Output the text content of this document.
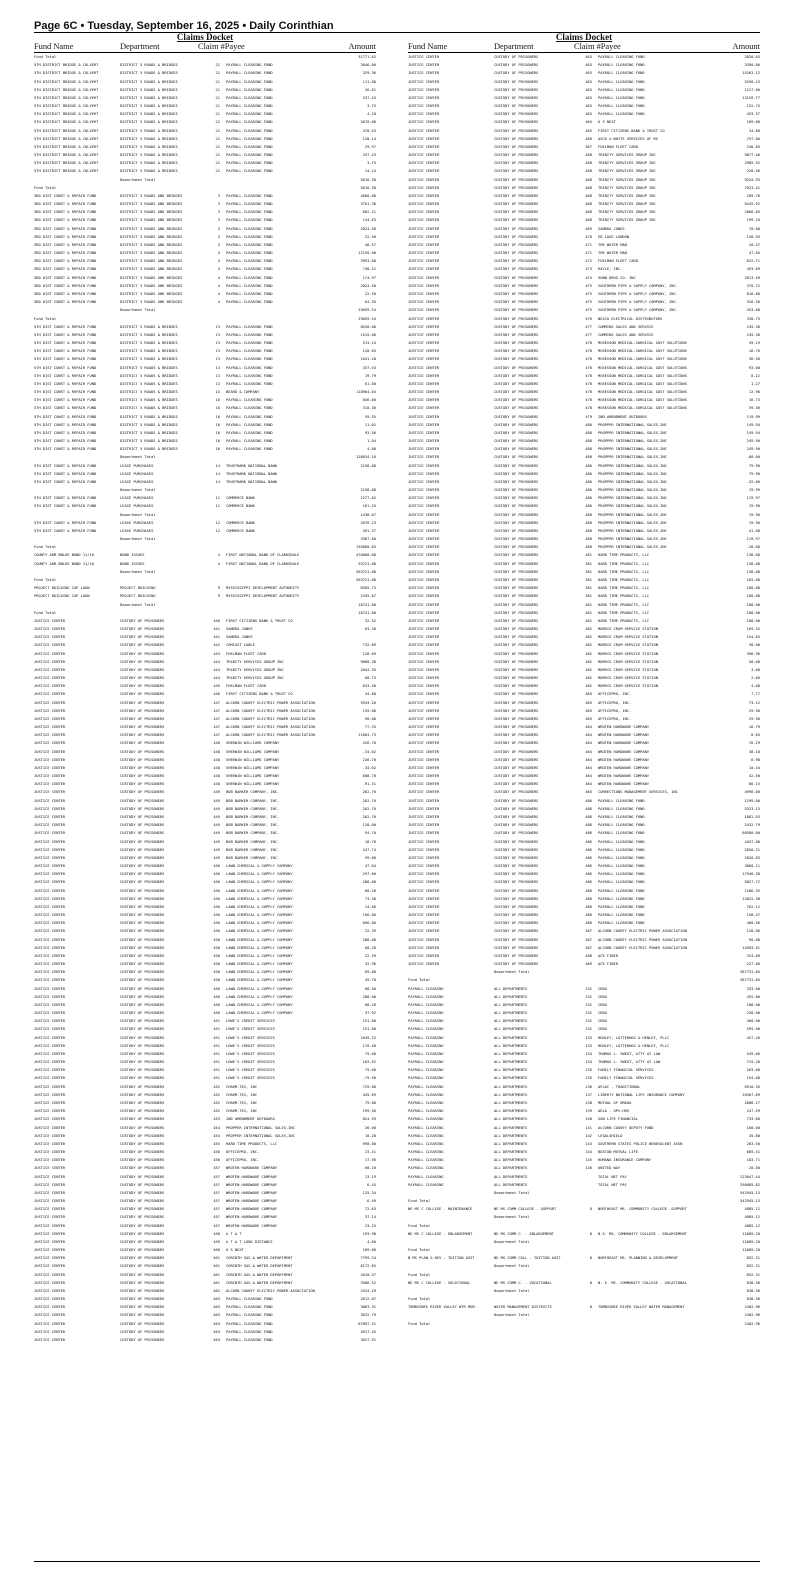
Page 6C • Tuesday, September 16, 2025 • Daily Corinthian
Claims Docket
Fund Name	Department	Claim # Payee	Amount
Fund Total	31771.62
5TH DISTRICT BRIDGE & CULVERT	DISTRICT 5 ROADS & BRIDGES	21	PAYROLL CLEARING FUND	3846.00
5TH DISTRICT BRIDGE & CULVERT	DISTRICT 5 ROADS & BRIDGES	21	PAYROLL CLEARING FUND	329.36
5TH DISTRICT BRIDGE & CULVERT	DISTRICT 5 ROADS & BRIDGES	21	PAYROLL CLEARING FUND	111.08
5TH DISTRICT BRIDGE & CULVERT	DISTRICT 5 ROADS & BRIDGES	21	PAYROLL CLEARING FUND	26.61
5TH DISTRICT BRIDGE & CULVERT	DISTRICT 5 ROADS & BRIDGES	21	PAYROLL CLEARING FUND	337.43
5TH DISTRICT BRIDGE & CULVERT	DISTRICT 5 ROADS & BRIDGES	21	PAYROLL CLEARING FUND	3.75
5TH DISTRICT BRIDGE & CULVERT	DISTRICT 5 ROADS & BRIDGES	21	PAYROLL CLEARING FUND	4.18
5TH DISTRICT BRIDGE & CULVERT	DISTRICT 5 ROADS & BRIDGES	22	PAYROLL CLEARING FUND	2070.00
5TH DISTRICT BRIDGE & CULVERT	DISTRICT 5 ROADS & BRIDGES	22	PAYROLL CLEARING FUND	378.53
5TH DISTRICT BRIDGE & CULVERT	DISTRICT 5 ROADS & BRIDGES	22	PAYROLL CLEARING FUND	128.14
5TH DISTRICT BRIDGE & CULVERT	DISTRICT 5 ROADS & BRIDGES	22	PAYROLL CLEARING FUND	29.97
5TH DISTRICT BRIDGE & CULVERT	DISTRICT 5 ROADS & BRIDGES	22	PAYROLL CLEARING FUND	337.43
5TH DISTRICT BRIDGE & CULVERT	DISTRICT 5 ROADS & BRIDGES	22	PAYROLL CLEARING FUND	3.75
5TH DISTRICT BRIDGE & CULVERT	DISTRICT 5 ROADS & BRIDGES	22	PAYROLL CLEARING FUND	14.24
Department Total	5610.38
Fund Total	5610.38
3RD DIST CONST & REPAIR FUND	DISTRICT 3 ROADS AND BRIDGES	3	PAYROLL CLEARING FUND	4600.00
3RD DIST CONST & REPAIR FUND	DISTRICT 3 ROADS AND BRIDGES	3	PAYROLL CLEARING FUND	3761.36
3RD DIST CONST & REPAIR FUND	DISTRICT 3 ROADS AND BRIDGES	3	PAYROLL CLEARING FUND	602.21
3RD DIST CONST & REPAIR FUND	DISTRICT 3 ROADS AND BRIDGES	3	PAYROLL CLEARING FUND	144.63
3RD DIST CONST & REPAIR FUND	DISTRICT 3 ROADS AND BRIDGES	3	PAYROLL CLEARING FUND	2024.58
3RD DIST CONST & REPAIR FUND	DISTRICT 3 ROADS AND BRIDGES	3	PAYROLL CLEARING FUND	22.50
3RD DIST CONST & REPAIR FUND	DISTRICT 3 ROADS AND BRIDGES	3	PAYROLL CLEARING FUND	48.57
3RD DIST CONST & REPAIR FUND	DISTRICT 3 ROADS AND BRIDGES	4	PAYROLL CLEARING FUND	12195.00
3RD DIST CONST & REPAIR FUND	DISTRICT 3 ROADS AND BRIDGES	4	PAYROLL CLEARING FUND	3993.08
3RD DIST CONST & REPAIR FUND	DISTRICT 3 ROADS AND BRIDGES	4	PAYROLL CLEARING FUND	748.21
3RD DIST CONST & REPAIR FUND	DISTRICT 3 ROADS AND BRIDGES	4	PAYROLL CLEARING FUND	174.97
3RD DIST CONST & REPAIR FUND	DISTRICT 3 ROADS AND BRIDGES	4	PAYROLL CLEARING FUND	2024.58
3RD DIST CONST & REPAIR FUND	DISTRICT 3 ROADS AND BRIDGES	4	PAYROLL CLEARING FUND	22.50
3RD DIST CONST & REPAIR FUND	DISTRICT 3 ROADS AND BRIDGES	4	PAYROLL CLEARING FUND	64.35
Department Total	23659.54
Fund Total	23659.54
5TH DIST CONST & REPAIR FUND	DISTRICT 5 ROADS & BRIDGES	13	PAYROLL CLEARING FUND	8528.00
5TH DIST CONST & REPAIR FUND	DISTRICT 5 ROADS & BRIDGES	13	PAYROLL CLEARING FUND	1515.00
5TH DIST CONST & REPAIR FUND	DISTRICT 5 ROADS & BRIDGES	13	PAYROLL CLEARING FUND	513.24
5TH DIST CONST & REPAIR FUND	DISTRICT 5 ROADS & BRIDGES	13	PAYROLL CLEARING FUND	120.03
5TH DIST CONST & REPAIR FUND	DISTRICT 5 ROADS & BRIDGES	13	PAYROLL CLEARING FUND	1041.28
5TH DIST CONST & REPAIR FUND	DISTRICT 5 ROADS & BRIDGES	13	PAYROLL CLEARING FUND	337.43
5TH DIST CONST & REPAIR FUND	DISTRICT 5 ROADS & BRIDGES	13	PAYROLL CLEARING FUND	19.79
5TH DIST CONST & REPAIR FUND	DISTRICT 5 ROADS & BRIDGES	13	PAYROLL CLEARING FUND	61.00
5TH DIST CONST & REPAIR FUND	DISTRICT 5 ROADS & BRIDGES	15	BEARD & COMPANY	118964.04
5TH DIST CONST & REPAIR FUND	DISTRICT 5 ROADS & BRIDGES	16	PAYROLL CLEARING FUND	846.00
5TH DIST CONST & REPAIR FUND	DISTRICT 5 ROADS & BRIDGES	16	PAYROLL CLEARING FUND	310.36
5TH DIST CONST & REPAIR FUND	DISTRICT 5 ROADS & BRIDGES	16	PAYROLL CLEARING FUND	59.55
5TH DIST CONST & REPAIR FUND	DISTRICT 5 ROADS & BRIDGES	16	PAYROLL CLEARING FUND	11.02
5TH DIST CONST & REPAIR FUND	DISTRICT 5 ROADS & BRIDGES	16	PAYROLL CLEARING FUND	93.56
5TH DIST CONST & REPAIR FUND	DISTRICT 5 ROADS & BRIDGES	16	PAYROLL CLEARING FUND	1.04
5TH DIST CONST & REPAIR FUND	DISTRICT 5 ROADS & BRIDGES	16	PAYROLL CLEARING FUND	4.08
Department Total	128634.16
5TH DIST CONST & REPAIR FUND	LEASE PURCHASES	14	TRUSTMARK NATIONAL BANK	2158.08
5TH DIST CONST & REPAIR FUND	LEASE PURCHASES	14	TRUSTMARK NATIONAL BANK
5TH DIST CONST & REPAIR FUND	LEASE PURCHASES	14	TRUSTMARK NATIONAL BANK
Department Total	2158.08
5TH DIST CONST & REPAIR FUND	LEASE PURCHASES	11	COMMERCE BANK	1277.02
5TH DIST CONST & REPAIR FUND	LEASE PURCHASES	11	COMMERCE BANK	161.25
Department Total	1438.07
5TH DIST CONST & REPAIR FUND	LEASE PURCHASES	12	COMMERCE BANK	2876.23
5TH DIST CONST & REPAIR FUND	LEASE PURCHASES	12	COMMERCE BANK	491.37
Department Total	3367.60
Fund Total	135600.65
COUNTY ADM BNLDS BOND 11/16	BOND ISSUES	4	FIRST NATIONAL BANK OF CLARKSDALE	470000.00
COUNTY ADM BNLDS BOND 11/16	BOND ISSUES	4	FIRST NATIONAL BANK OF CLARKSDALE	93721.08
Department Total	563721.08
Fund Total	563721.08
PROJECT BUILDING CAP LOAN	PROJECT BUILDING	9	MISSISSIPPI DEVELOPMENT AUTHORITY	8305.73
PROJECT BUILDING CAP LOAN	PROJECT BUILDING	9	MISSISSIPPI DEVELOPMENT AUTHORITY	2435.87
Department Total	10741.60
Fund Total	10741.60
JUSTICE CENTER	CUSTODY OF PRISONERS	440	FIRST CITIZENS BANK & TRUST CO	32.52
JUSTICE CENTER	CUSTODY OF PRISONERS	441	SANDRA JONES	63.36
JUSTICE CENTER	CUSTODY OF PRISONERS	441	SANDRA JONES
JUSTICE CENTER	CUSTODY OF PRISONERS	442	COMCAST CABLE	732.09
JUSTICE CENTER	CUSTODY OF PRISONERS	443	FUELMAN FLEET CARD	128.69
JUSTICE CENTER	CUSTODY OF PRISONERS	444	TRINITY SERVICES GROUP INC	9068.38
JUSTICE CENTER	CUSTODY OF PRISONERS	444	TRINITY SERVICES GROUP INC	2044.35
JUSTICE CENTER	CUSTODY OF PRISONERS	444	TRINITY SERVICES GROUP INC	68.75
JUSTICE CENTER	CUSTODY OF PRISONERS	445	FUELMAN FLEET CARD	633.40
JUSTICE CENTER	CUSTODY OF PRISONERS	446	FIRST CITIZENS BANK & TRUST CO	34.80
JUSTICE CENTER	CUSTODY OF PRISONERS	447	ALCORN COUNTY ELECTRIC POWER ASSOCIATION	5943.20
JUSTICE CENTER	CUSTODY OF PRISONERS	447	ALCORN COUNTY ELECTRIC POWER ASSOCIATION	139.08
JUSTICE CENTER	CUSTODY OF PRISONERS	447	ALCORN COUNTY ELECTRIC POWER ASSOCIATION	90.00
JUSTICE CENTER	CUSTODY OF PRISONERS	447	ALCORN COUNTY ELECTRIC POWER ASSOCIATION	77.33
JUSTICE CENTER	CUSTODY OF PRISONERS	447	ALCORN COUNTY ELECTRIC POWER ASSOCIATION	11003.73
JUSTICE CENTER	CUSTODY OF PRISONERS	448	SHERWIN WILLIAMS COMPANY	226.70
JUSTICE CENTER	CUSTODY OF PRISONERS	448	SHERWIN WILLIAMS COMPANY	-34.02
JUSTICE CENTER	CUSTODY OF PRISONERS	448	SHERWIN WILLIAMS COMPANY	226.70
JUSTICE CENTER	CUSTODY OF PRISONERS	448	SHERWIN WILLIAMS COMPANY	-34.02
JUSTICE CENTER	CUSTODY OF PRISONERS	448	SHERWIN WILLIAMS COMPANY	608.78
JUSTICE CENTER	CUSTODY OF PRISONERS	448	SHERWIN WILLIAMS COMPANY	-91.31
JUSTICE CENTER	CUSTODY OF PRISONERS	449	BOB BARKER COMPANY, INC.	262.70
JUSTICE CENTER	CUSTODY OF PRISONERS	449	BOB BARKER COMPANY, INC.	262.70
JUSTICE CENTER	CUSTODY OF PRISONERS	449	BOB BARKER COMPANY, INC.	262.70
JUSTICE CENTER	CUSTODY OF PRISONERS	449	BOB BARKER COMPANY, INC.	262.70
JUSTICE CENTER	CUSTODY OF PRISONERS	449	BOB BARKER COMPANY, INC.	128.00
JUSTICE CENTER	CUSTODY OF PRISONERS	449	BOB BARKER COMPANY, INC.	94.70
JUSTICE CENTER	CUSTODY OF PRISONERS	449	BOB BARKER COMPANY, INC.	18.70
JUSTICE CENTER	CUSTODY OF PRISONERS	449	BOB BARKER COMPANY, INC.	247.74
JUSTICE CENTER	CUSTODY OF PRISONERS	449	BOB BARKER COMPANY, INC.	59.00
JUSTICE CENTER	CUSTODY OF PRISONERS	450	LAWN CHEMICAL & SUPPLY COMPANY	47.04
JUSTICE CENTER	CUSTODY OF PRISONERS	450	LAWN CHEMICAL & SUPPLY COMPANY	297.60
JUSTICE CENTER	CUSTODY OF PRISONERS	450	LAWN CHEMICAL & SUPPLY COMPANY	288.00
JUSTICE CENTER	CUSTODY OF PRISONERS	450	LAWN CHEMICAL & SUPPLY COMPANY	68.28
JUSTICE CENTER	CUSTODY OF PRISONERS	450	LAWN CHEMICAL & SUPPLY COMPANY	73.38
JUSTICE CENTER	CUSTODY OF PRISONERS	450	LAWN CHEMICAL & SUPPLY COMPANY	14.66
JUSTICE CENTER	CUSTODY OF PRISONERS	450	LAWN CHEMICAL & SUPPLY COMPANY	196.00
JUSTICE CENTER	CUSTODY OF PRISONERS	450	LAWN CHEMICAL & SUPPLY COMPANY	096.00
JUSTICE CENTER	CUSTODY OF PRISONERS	450	LAWN CHEMICAL & SUPPLY COMPANY	22.39
JUSTICE CENTER	CUSTODY OF PRISONERS	450	LAWN CHEMICAL & SUPPLY COMPANY	288.00
JUSTICE CENTER	CUSTODY OF PRISONERS	450	LAWN CHEMICAL & SUPPLY COMPANY	68.28
JUSTICE CENTER	CUSTODY OF PRISONERS	450	LAWN CHEMICAL & SUPPLY COMPANY	22.59
JUSTICE CENTER	CUSTODY OF PRISONERS	450	LAWN CHEMICAL & SUPPLY COMPANY	32.96
JUSTICE CENTER	CUSTODY OF PRISONERS	450	LAWN CHEMICAL & SUPPLY COMPANY	69.00
JUSTICE CENTER	CUSTODY OF PRISONERS	450	LAWN CHEMICAL & SUPPLY COMPANY	49.70
JUSTICE CENTER	CUSTODY OF PRISONERS	450	LAWN CHEMICAL & SUPPLY COMPANY	68.50
JUSTICE CENTER	CUSTODY OF PRISONERS	450	LAWN CHEMICAL & SUPPLY COMPANY	288.00
JUSTICE CENTER	CUSTODY OF PRISONERS	450	LAWN CHEMICAL & SUPPLY COMPANY	68.28
JUSTICE CENTER	CUSTODY OF PRISONERS	450	LAWN CHEMICAL & SUPPLY COMPANY	37.92
JUSTICE CENTER	CUSTODY OF PRISONERS	451	LOWE'S CREDIT SERVICES	151.60
JUSTICE CENTER	CUSTODY OF PRISONERS	451	LOWE'S CREDIT SERVICES	151.60
JUSTICE CENTER	CUSTODY OF PRISONERS	451	LOWE'S CREDIT SERVICES	1049.32
JUSTICE CENTER	CUSTODY OF PRISONERS	451	LOWE'S CREDIT SERVICES	119.48
JUSTICE CENTER	CUSTODY OF PRISONERS	451	LOWE'S CREDIT SERVICES	75.00
JUSTICE CENTER	CUSTODY OF PRISONERS	451	LOWE'S CREDIT SERVICES	103.92
JUSTICE CENTER	CUSTODY OF PRISONERS	451	LOWE'S CREDIT SERVICES	75.00
JUSTICE CENTER	CUSTODY OF PRISONERS	451	LOWE'S CREDIT SERVICES	-75.56
JUSTICE CENTER	CUSTODY OF PRISONERS	452	CHARM-TEX, INC	729.00
JUSTICE CENTER	CUSTODY OF PRISONERS	452	CHARM-TEX, INC	445.09
JUSTICE CENTER	CUSTODY OF PRISONERS	452	CHARM-TEX, INC	79.00
JUSTICE CENTER	CUSTODY OF PRISONERS	452	CHARM-TEX, INC	199.50
JUSTICE CENTER	CUSTODY OF PRISONERS	453	2ND AMENDMENT OUTDOORS	824.93
JUSTICE CENTER	CUSTODY OF PRISONERS	454	PROPPER INTERNATIONAL SALES,INC	26.00
JUSTICE CENTER	CUSTODY OF PRISONERS	454	PROPPER INTERNATIONAL SALES,INC	18.28
JUSTICE CENTER	CUSTODY OF PRISONERS	455	HARD TIME PRODUCTS, LLC	990.00
JUSTICE CENTER	CUSTODY OF PRISONERS	456	OFFICEPRO, INC.	23.41
JUSTICE CENTER	CUSTODY OF PRISONERS	456	OFFICEPRO, INC.	17.96
JUSTICE CENTER	CUSTODY OF PRISONERS	457	WROTEN HARDWARE COMPANY	68.16
JUSTICE CENTER	CUSTODY OF PRISONERS	457	WROTEN HARDWARE COMPANY	13.19
JUSTICE CENTER	CUSTODY OF PRISONERS	457	WROTEN HARDWARE COMPANY	6.45
JUSTICE CENTER	CUSTODY OF PRISONERS	457	WROTEN HARDWARE COMPANY	125.34
JUSTICE CENTER	CUSTODY OF PRISONERS	457	WROTEN HARDWARE COMPANY	6.49
JUSTICE CENTER	CUSTODY OF PRISONERS	457	WROTEN HARDWARE COMPANY	72.63
JUSTICE CENTER	CUSTODY OF PRISONERS	457	WROTEN HARDWARE COMPANY	37.14
JUSTICE CENTER	CUSTODY OF PRISONERS	457	WROTEN HARDWARE COMPANY	23.25
JUSTICE CENTER	CUSTODY OF PRISONERS	458	A T & T	193.98
JUSTICE CENTER	CUSTODY OF PRISONERS	459	A T & T LONG DISTANCE	4.60
JUSTICE CENTER	CUSTODY OF PRISONERS	460	U S NEXT	189.00
JUSTICE CENTER	CUSTODY OF PRISONERS	461	CORINTH GAS & WATER DEPARTMENT	7799.34
JUSTICE CENTER	CUSTODY OF PRISONERS	461	CORINTH GAS & WATER DEPARTMENT	6172.65
JUSTICE CENTER	CUSTODY OF PRISONERS	461	CORINTH GAS & WATER DEPARTMENT	2010.37
JUSTICE CENTER	CUSTODY OF PRISONERS	461	CORINTH GAS & WATER DEPARTMENT	3588.52
JUSTICE CENTER	CUSTODY OF PRISONERS	462	ALCORN COUNTY ELECTRIC POWER ASSOCIATION	2524.29
JUSTICE CENTER	CUSTODY OF PRISONERS	463	PAYROLL CLEARING FUND	2612.07
JUSTICE CENTER	CUSTODY OF PRISONERS	463	PAYROLL CLEARING FUND	3863.31
JUSTICE CENTER	CUSTODY OF PRISONERS	463	PAYROLL CLEARING FUND	3632.79
JUSTICE CENTER	CUSTODY OF PRISONERS	463	PAYROLL CLEARING FUND	67097.31
JUSTICE CENTER	CUSTODY OF PRISONERS	463	PAYROLL CLEARING FUND	4917.45
JUSTICE CENTER	CUSTODY OF PRISONERS	463	PAYROLL CLEARING FUND	3627.91
Claims Docket
Fund Name	Department	Claim # Payee	Amount
JUSTICE CENTER	CUSTODY OF PRISONERS	463	PAYROLL CLEARING FUND	2820.83
JUSTICE CENTER	CUSTODY OF PRISONERS	463	PAYROLL CLEARING FUND	3390.86
JUSTICE CENTER	CUSTODY OF PRISONERS	463	PAYROLL CLEARING FUND	15262.12
JUSTICE CENTER	CUSTODY OF PRISONERS	463	PAYROLL CLEARING FUND	5290.43
JUSTICE CENTER	CUSTODY OF PRISONERS	463	PAYROLL CLEARING FUND	1217.00
JUSTICE CENTER	CUSTODY OF PRISONERS	463	PAYROLL CLEARING FUND	13159.77
JUSTICE CENTER	CUSTODY OF PRISONERS	463	PAYROLL CLEARING FUND	152.75
JUSTICE CENTER	CUSTODY OF PRISONERS	463	PAYROLL CLEARING FUND	453.37
JUSTICE CENTER	CUSTODY OF PRISONERS	464	U S NEXT	189.00
JUSTICE CENTER	CUSTODY OF PRISONERS	465	FIRST CITIZENS BANK & TRUST CO	34.80
JUSTICE CENTER	CUSTODY OF PRISONERS	466	ASCO & WHITE SERVICES OF MS	757.00
JUSTICE CENTER	CUSTODY OF PRISONERS	467	FUELMAN FLEET CARD	248.85
JUSTICE CENTER	CUSTODY OF PRISONERS	468	TRINITY SERVICES GROUP INC	9877.46
JUSTICE CENTER	CUSTODY OF PRISONERS	468	TRINITY SERVICES GROUP INC	2985.92
JUSTICE CENTER	CUSTODY OF PRISONERS	468	TRINITY SERVICES GROUP INC	228.56
JUSTICE CENTER	CUSTODY OF PRISONERS	468	TRINITY SERVICES GROUP INC	9254.93
JUSTICE CENTER	CUSTODY OF PRISONERS	468	TRINITY SERVICES GROUP INC	2923.41
JUSTICE CENTER	CUSTODY OF PRISONERS	468	TRINITY SERVICES GROUP INC	209.76
JUSTICE CENTER	CUSTODY OF PRISONERS	468	TRINITY SERVICES GROUP INC	9445.92
JUSTICE CENTER	CUSTODY OF PRISONERS	468	TRINITY SERVICES GROUP INC	2868.05
JUSTICE CENTER	CUSTODY OF PRISONERS	468	TRINITY SERVICES GROUP INC	199.10
JUSTICE CENTER	CUSTODY OF PRISONERS	469	SANDRA JONES	19.00
JUSTICE CENTER	CUSTODY OF PRISONERS	470	ED LAGE LONDON	130.93
JUSTICE CENTER	CUSTODY OF PRISONERS	471	THE WATER MAN	20.47
JUSTICE CENTER	CUSTODY OF PRISONERS	471	THE WATER MAN	47.05
JUSTICE CENTER	CUSTODY OF PRISONERS	472	FUELMAN FLEET CARD	822.71
JUSTICE CENTER	CUSTODY OF PRISONERS	473	RAYLE, INC.	493.09
JUSTICE CENTER	CUSTODY OF PRISONERS	474	GUNN DRUG CO. INC	2813.49
JUSTICE CENTER	CUSTODY OF PRISONERS	475	SOUTHERN PIPE & SUPPLY COMPANY, INC.	370.72
JUSTICE CENTER	CUSTODY OF PRISONERS	475	SOUTHERN PIPE & SUPPLY COMPANY, INC.	810.80
JUSTICE CENTER	CUSTODY OF PRISONERS	475	SOUTHERN PIPE & SUPPLY COMPANY, INC.	526.56
JUSTICE CENTER	CUSTODY OF PRISONERS	475	SOUTHERN PIPE & SUPPLY COMPANY, INC.	353.80
JUSTICE CENTER	CUSTODY OF PRISONERS	476	NEXCO ELECTRICAL DISTRIBUTORS	330.75
JUSTICE CENTER	CUSTODY OF PRISONERS	477	CUMMINS SALES AND SERVICE	245.30
JUSTICE CENTER	CUSTODY OF PRISONERS	477	CUMMINS SALES AND SERVICE	245.30
JUSTICE CENTER	CUSTODY OF PRISONERS	478	MCKESSON MEDICAL-SURGICAL GOVT SOLUTIONS	49.19
JUSTICE CENTER	CUSTODY OF PRISONERS	478	MCKESSON MEDICAL-SURGICAL GOVT SOLUTIONS	16.76
JUSTICE CENTER	CUSTODY OF PRISONERS	478	MCKESSON MEDICAL-SURGICAL GOVT SOLUTIONS	36.50
JUSTICE CENTER	CUSTODY OF PRISONERS	478	MCKESSON MEDICAL-SURGICAL GOVT SOLUTIONS	93.00
JUSTICE CENTER	CUSTODY OF PRISONERS	478	MCKESSON MEDICAL-SURGICAL GOVT SOLUTIONS	8.22
JUSTICE CENTER	CUSTODY OF PRISONERS	478	MCKESSON MEDICAL-SURGICAL GOVT SOLUTIONS	1.27
JUSTICE CENTER	CUSTODY OF PRISONERS	478	MCKESSON MEDICAL-SURGICAL GOVT SOLUTIONS	12.96
JUSTICE CENTER	CUSTODY OF PRISONERS	478	MCKESSON MEDICAL-SURGICAL GOVT SOLUTIONS	16.73
JUSTICE CENTER	CUSTODY OF PRISONERS	478	MCKESSON MEDICAL-SURGICAL GOVT SOLUTIONS	59.36
JUSTICE CENTER	CUSTODY OF PRISONERS	479	2ND AMENDMENT OUTDOORS	119.99
JUSTICE CENTER	CUSTODY OF PRISONERS	480	PROPPER INTERNATIONAL SALES,INC	149.94
JUSTICE CENTER	CUSTODY OF PRISONERS	480	PROPPER INTERNATIONAL SALES,INC	149.94
JUSTICE CENTER	CUSTODY OF PRISONERS	480	PROPPER INTERNATIONAL SALES,INC	249.90
JUSTICE CENTER	CUSTODY OF PRISONERS	480	PROPPER INTERNATIONAL SALES,INC	249.90
JUSTICE CENTER	CUSTODY OF PRISONERS	480	PROPPER INTERNATIONAL SALES,INC	-80.00
JUSTICE CENTER	CUSTODY OF PRISONERS	480	PROPPER INTERNATIONAL SALES,INC	79.90
JUSTICE CENTER	CUSTODY OF PRISONERS	480	PROPPER INTERNATIONAL SALES,INC	79.90
JUSTICE CENTER	CUSTODY OF PRISONERS	480	PROPPER INTERNATIONAL SALES,INC	-32.00
JUSTICE CENTER	CUSTODY OF PRISONERS	480	PROPPER INTERNATIONAL SALES,INC	19.99
JUSTICE CENTER	CUSTODY OF PRISONERS	480	PROPPER INTERNATIONAL SALES,INC	119.97
JUSTICE CENTER	CUSTODY OF PRISONERS	480	PROPPER INTERNATIONAL SALES,INC	19.90
JUSTICE CENTER	CUSTODY OF PRISONERS	480	PROPPER INTERNATIONAL SALES,INC	19.90
JUSTICE CENTER	CUSTODY OF PRISONERS	480	PROPPER INTERNATIONAL SALES,INC	19.90
JUSTICE CENTER	CUSTODY OF PRISONERS	480	PROPPER INTERNATIONAL SALES,INC	-41.00
JUSTICE CENTER	CUSTODY OF PRISONERS	480	PROPPER INTERNATIONAL SALES,INC	119.97
JUSTICE CENTER	CUSTODY OF PRISONERS	480	PROPPER INTERNATIONAL SALES,INC	-28.00
JUSTICE CENTER	CUSTODY OF PRISONERS	481	HARD TIME PRODUCTS, LLC	138.00
JUSTICE CENTER	CUSTODY OF PRISONERS	481	HARD TIME PRODUCTS, LLC	138.00
JUSTICE CENTER	CUSTODY OF PRISONERS	481	HARD TIME PRODUCTS, LLC	138.00
JUSTICE CENTER	CUSTODY OF PRISONERS	481	HARD TIME PRODUCTS, LLC	165.00
JUSTICE CENTER	CUSTODY OF PRISONERS	481	HARD TIME PRODUCTS, LLC	180.00
JUSTICE CENTER	CUSTODY OF PRISONERS	481	HARD TIME PRODUCTS, LLC	180.00
JUSTICE CENTER	CUSTODY OF PRISONERS	481	HARD TIME PRODUCTS, LLC	180.00
JUSTICE CENTER	CUSTODY OF PRISONERS	481	HARD TIME PRODUCTS, LLC	180.00
JUSTICE CENTER	CUSTODY OF PRISONERS	481	HARD TIME PRODUCTS, LLC	180.00
JUSTICE CENTER	CUSTODY OF PRISONERS	482	MORRIS CRUM SERVICE STATION	165.32
JUSTICE CENTER	CUSTODY OF PRISONERS	482	MORRIS CRUM SERVICE STATION	154.65
JUSTICE CENTER	CUSTODY OF PRISONERS	482	MORRIS CRUM SERVICE STATION	30.00
JUSTICE CENTER	CUSTODY OF PRISONERS	482	MORRIS CRUM SERVICE STATION	396.96
JUSTICE CENTER	CUSTODY OF PRISONERS	482	MORRIS CRUM SERVICE STATION	50.00
JUSTICE CENTER	CUSTODY OF PRISONERS	482	MORRIS CRUM SERVICE STATION	3.00
JUSTICE CENTER	CUSTODY OF PRISONERS	482	MORRIS CRUM SERVICE STATION	2.00
JUSTICE CENTER	CUSTODY OF PRISONERS	482	MORRIS CRUM SERVICE STATION	4.00
JUSTICE CENTER	CUSTODY OF PRISONERS	483	OFFICEPRO, INC.	7.77
JUSTICE CENTER	CUSTODY OF PRISONERS	483	OFFICEPRO, INC.	73.12
JUSTICE CENTER	CUSTODY OF PRISONERS	483	OFFICEPRO, INC.	29.90
JUSTICE CENTER	CUSTODY OF PRISONERS	483	OFFICEPRO, INC.	29.90
JUSTICE CENTER	CUSTODY OF PRISONERS	484	WROTEN HARDWARE COMPANY	16.79
JUSTICE CENTER	CUSTODY OF PRISONERS	484	WROTEN HARDWARE COMPANY	8.05
JUSTICE CENTER	CUSTODY OF PRISONERS	484	WROTEN HARDWARE COMPANY	76.29
JUSTICE CENTER	CUSTODY OF PRISONERS	484	WROTEN HARDWARE COMPANY	38.18
JUSTICE CENTER	CUSTODY OF PRISONERS	484	WROTEN HARDWARE COMPANY	6.98
JUSTICE CENTER	CUSTODY OF PRISONERS	484	WROTEN HARDWARE COMPANY	10.44
JUSTICE CENTER	CUSTODY OF PRISONERS	484	WROTEN HARDWARE COMPANY	42.50
JUSTICE CENTER	CUSTODY OF PRISONERS	484	WROTEN HARDWARE COMPANY	86.15
JUSTICE CENTER	CUSTODY OF PRISONERS	485	CORRECTIONS MANAGEMENT SERVICES, INC	4996.00
JUSTICE CENTER	CUSTODY OF PRISONERS	486	PAYROLL CLEARING FUND	1299.00
JUSTICE CENTER	CUSTODY OF PRISONERS	486	PAYROLL CLEARING FUND	5323.13
JUSTICE CENTER	CUSTODY OF PRISONERS	486	PAYROLL CLEARING FUND	1862.53
JUSTICE CENTER	CUSTODY OF PRISONERS	486	PAYROLL CLEARING FUND	2432.79
JUSTICE CENTER	CUSTODY OF PRISONERS	486	PAYROLL CLEARING FUND	66580.00
JUSTICE CENTER	CUSTODY OF PRISONERS	486	PAYROLL CLEARING FUND	4457.08
JUSTICE CENTER	CUSTODY OF PRISONERS	486	PAYROLL CLEARING FUND	2650.21
JUSTICE CENTER	CUSTODY OF PRISONERS	486	PAYROLL CLEARING FUND	2820.83
JUSTICE CENTER	CUSTODY OF PRISONERS	486	PAYROLL CLEARING FUND	3860.11
JUSTICE CENTER	CUSTODY OF PRISONERS	486	PAYROLL CLEARING FUND	17940.38
JUSTICE CENTER	CUSTODY OF PRISONERS	486	PAYROLL CLEARING FUND	5827.72
JUSTICE CENTER	CUSTODY OF PRISONERS	486	PAYROLL CLEARING FUND	1206.35
JUSTICE CENTER	CUSTODY OF PRISONERS	486	PAYROLL CLEARING FUND	12822.38
JUSTICE CENTER	CUSTODY OF PRISONERS	486	PAYROLL CLEARING FUND	762.12
JUSTICE CENTER	CUSTODY OF PRISONERS	486	PAYROLL CLEARING FUND	158.47
JUSTICE CENTER	CUSTODY OF PRISONERS	486	PAYROLL CLEARING FUND	460.56
JUSTICE CENTER	CUSTODY OF PRISONERS	487	ALCORN COUNTY ELECTRIC POWER ASSOCIATION	128.06
JUSTICE CENTER	CUSTODY OF PRISONERS	487	ALCORN COUNTY ELECTRIC POWER ASSOCIATION	90.00
JUSTICE CENTER	CUSTODY OF PRISONERS	487	ALCORN COUNTY ELECTRIC POWER ASSOCIATION	14503.91
JUSTICE CENTER	CUSTODY OF PRISONERS	488	ACE FIBER	324.09
JUSTICE CENTER	CUSTODY OF PRISONERS	489	ACE FIBER	227.00
Department Total	387731.05
Fund Total	387731.05
PAYROLL CLEARING	ALL DEPARTMENTS	132	CRDU	333.00
PAYROLL CLEARING	ALL DEPARTMENTS	132	CRDU	492.00
PAYROLL CLEARING	ALL DEPARTMENTS	132	CRDU	108.00
PAYROLL CLEARING	ALL DEPARTMENTS	132	CRDU	230.00
PAYROLL CLEARING	ALL DEPARTMENTS	132	CRDU	300.00
PAYROLL CLEARING	ALL DEPARTMENTS	132	CRDU	595.00
PAYROLL CLEARING	ALL DEPARTMENTS	133	HENLEY, LOTTERHOS & HENLEY, PLLC	427.26
PAYROLL CLEARING	ALL DEPARTMENTS	133	HENLEY, LOTTERHOS & HENLEY, PLLC
PAYROLL CLEARING	ALL DEPARTMENTS	134	THOMAS L. SWEAT, ATTY AT LAW	549.66
PAYROLL CLEARING	ALL DEPARTMENTS	134	THOMAS L. SWEAT, ATTY AT LAW	715.20
PAYROLL CLEARING	ALL DEPARTMENTS	135	FAMILY FINANCIAL SERVICES	263.00
PAYROLL CLEARING	ALL DEPARTMENTS	135	FAMILY FINANCIAL SERVICES	194.00
PAYROLL CLEARING	ALL DEPARTMENTS	136	AFLAC - TRADITIONAL	6910.35
PAYROLL CLEARING	ALL DEPARTMENTS	137	LIBERTY NATIONAL LIFE INSURANCE COMPANY	10307.89
PAYROLL CLEARING	ALL DEPARTMENTS	138	MUTUAL OF OMAHA	2888.27
PAYROLL CLEARING	ALL DEPARTMENTS	139	AELA - OPV-HHS	247.59
PAYROLL CLEARING	ALL DEPARTMENTS	140	SUN LIFE FINANCIAL	733.60
PAYROLL CLEARING	ALL DEPARTMENTS	141	ALCORN COUNTY DEPUTY FUND	160.00
PAYROLL CLEARING	ALL DEPARTMENTS	142	LEGALSHIELD	45.80
PAYROLL CLEARING	ALL DEPARTMENTS	143	SOUTHERN STATES POLICE BENEVOLENT ASSN	283.50
PAYROLL CLEARING	ALL DEPARTMENTS	144	BOSTON MUTUAL LIFE	685.41
PAYROLL CLEARING	ALL DEPARTMENTS	145	HUMANA INSURANCE COMPANY	183.71
PAYROLL CLEARING	ALL DEPARTMENTS	146	UNITED WAY	20.00
PAYROLL CLEARING	ALL DEPARTMENTS	TOTAL NET PAY	223047.44
PAYROLL CLEARING	ALL DEPARTMENTS	TOTAL NET PAY	290685.82
Department Total	542945.13
Fund Total	542945.13
NE MS C COLLEGE - MAINTENANCE	NE MS COMM COLLEGE - SUPPORT	8	NORTHEAST MS. COMMUNITY COLLEGE -SUPPORT	4885.12
Department Total	4885.12
Fund Total	4885.12
NE MS C COLLEGE - ENLARGEMENT	NE MS COMM C. - ENLARGEMENT	8	N.E. MS. COMMUNITY COLLEGE - ENLARGEMENT	12809.20
Department Total	12809.20
Fund Total	12809.20
N MS PLAN & DEV - TUITION ASST	NE MS COMM COLL - TUITION ASST	8	NORTHEAST MS. PLANNING & DEVELOPMENT	852.31
Department Total	852.31
Fund Total	852.31
NE MS C COLLEGE - VOCATIONAL	NE MS COMM C. - VOCATIONAL	8	N. E. MS. COMMUNITY COLLEGE - VOCATIONAL	838.38
Department Total	838.38
Fund Total	838.38
TOMBIGBEE RIVER VALLEY WTR MGM	WATER MANAGEMENT DISTRICTS	8	TOMBIGBEE RIVER VALLEY WATER MANAGEMENT	2402.96
Department Total	2402.96
Fund Total	2402.96
